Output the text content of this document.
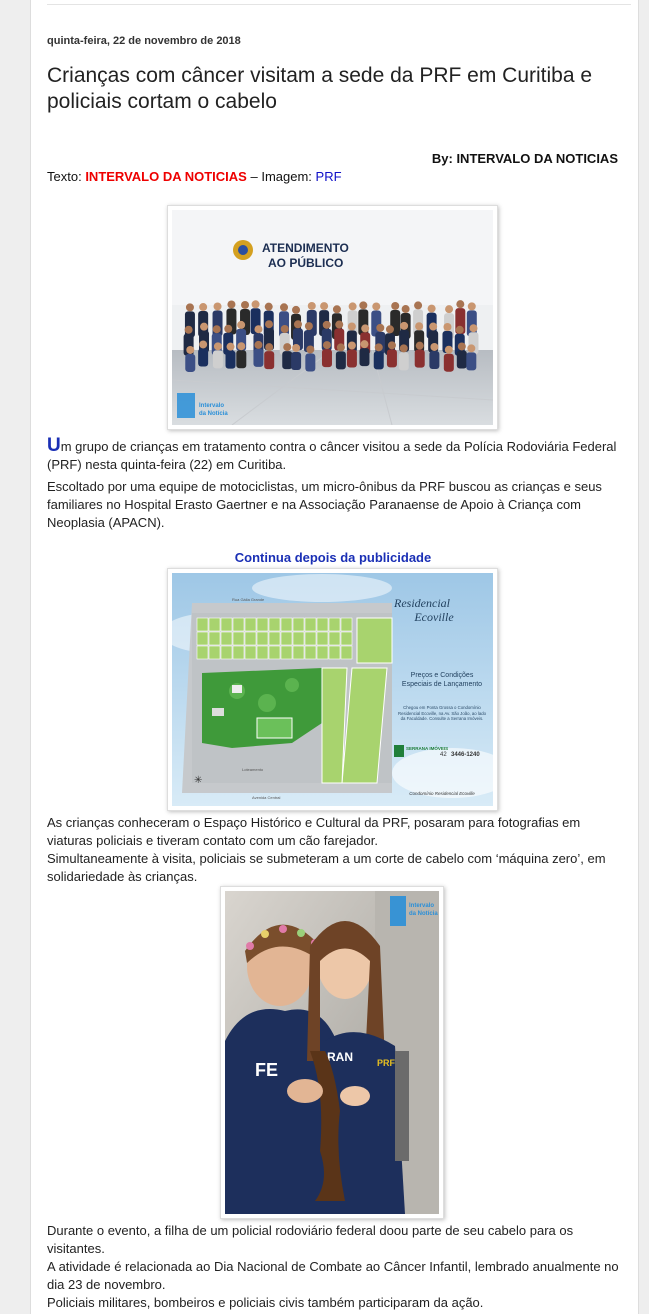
quinta-feira, 22 de novembro de 2018
Crianças com câncer visitam a sede da PRF em Curitiba e policiais cortam o cabelo
By: INTERVALO DA NOTICIAS
Texto: INTERVALO DA NOTICIAS – Imagem: PRF
ATENDIMENTO
AO PÚBLICO
Intervalo
da Notícia
Um grupo de crianças em tratamento contra o câncer visitou a sede da Polícia Rodoviária Federal (PRF) nesta quinta-feira (22) em Curitiba.
Escoltado por uma equipe de motociclistas, um micro-ônibus da PRF buscou as crianças e seus familiares no Hospital Erasto Gaertner e na Associação Paranaense de Apoio à Criança com Neoplasia (APACN).
Continua depois da publicidade
Rua Gália Grande
Avenida Central
Loteamento
✳
Residencial
Ecoville
Preços e Condições
Especiais de Lançamento
Chegou em Ponta Grossa o Condomínio Residencial Ecoville, na Av. São João, ao lado da Faculdade. Consulte a Serrana Imóveis.
SERRANA IMÓVEIS
42 3446-1240
Condomínio Residencial Ecoville
As crianças conheceram o Espaço Histórico e Cultural da PRF, posaram para fotografias em viaturas policiais e tiveram contato com um cão farejador.
Simultaneamente à visita, policiais se submeteram a um corte de cabelo com ‘máquina zero’, em solidariedade às crianças.
Intervalo
da Notícia
FE
RAN	PRF
Durante o evento, a filha de um policial rodoviário federal doou parte de seu cabelo para os visitantes.
A atividade é relacionada ao Dia Nacional de Combate ao Câncer Infantil, lembrado anualmente no dia 23 de novembro.
Policiais militares, bombeiros e policiais civis também participaram da ação.
